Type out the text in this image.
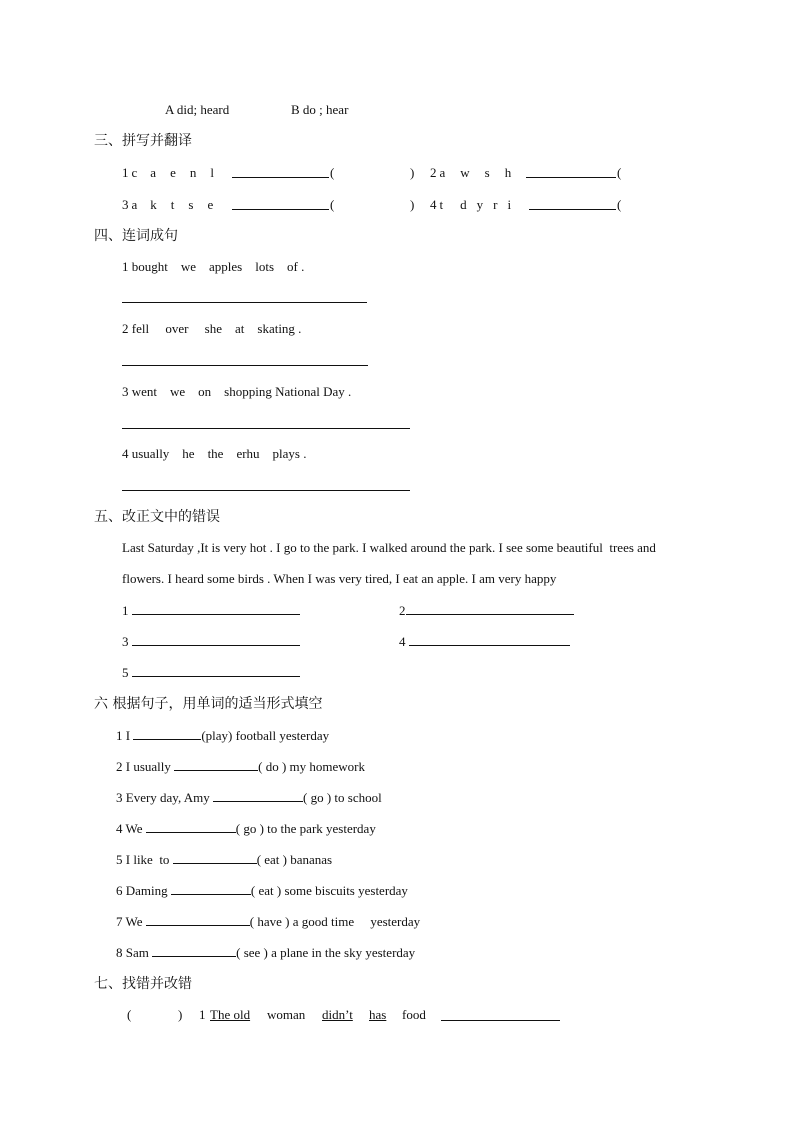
A did; heard	B do ; hear
三、拼写并翻译
1 c a e n l	(	) 2 a w s h	(
3 a k t s e	(	) 4 t d y r i	(
四、连词成句
1 bought    we    apples    lots    of .
2 fell     over     she    at    skating .
3 went    we    on    shopping National Day .
4 usually    he    the    erhu    plays .
五、改正文中的错误
Last Saturday ,It is very hot . I go to the park. I walked around the park. I see some beautiful  trees and
flowers. I heard some birds . When I was very tired, I eat an apple. I am very happy
1	2
3	4
5
六 根据句子，用单词的适当形式填空
1 I	(play) football yesterday
2 I usually	( do ) my homework
3 Every day, Amy	( go ) to school
4 We	( go ) to the park yesterday
5 I like  to	( eat ) bananas
6 Daming	( eat ) some biscuits yesterday
7 We	( have ) a good time     yesterday
8 Sam	( see ) a plane in the sky yesterday
七、找错并改错
(	) 1 The old woman didn’t has food
